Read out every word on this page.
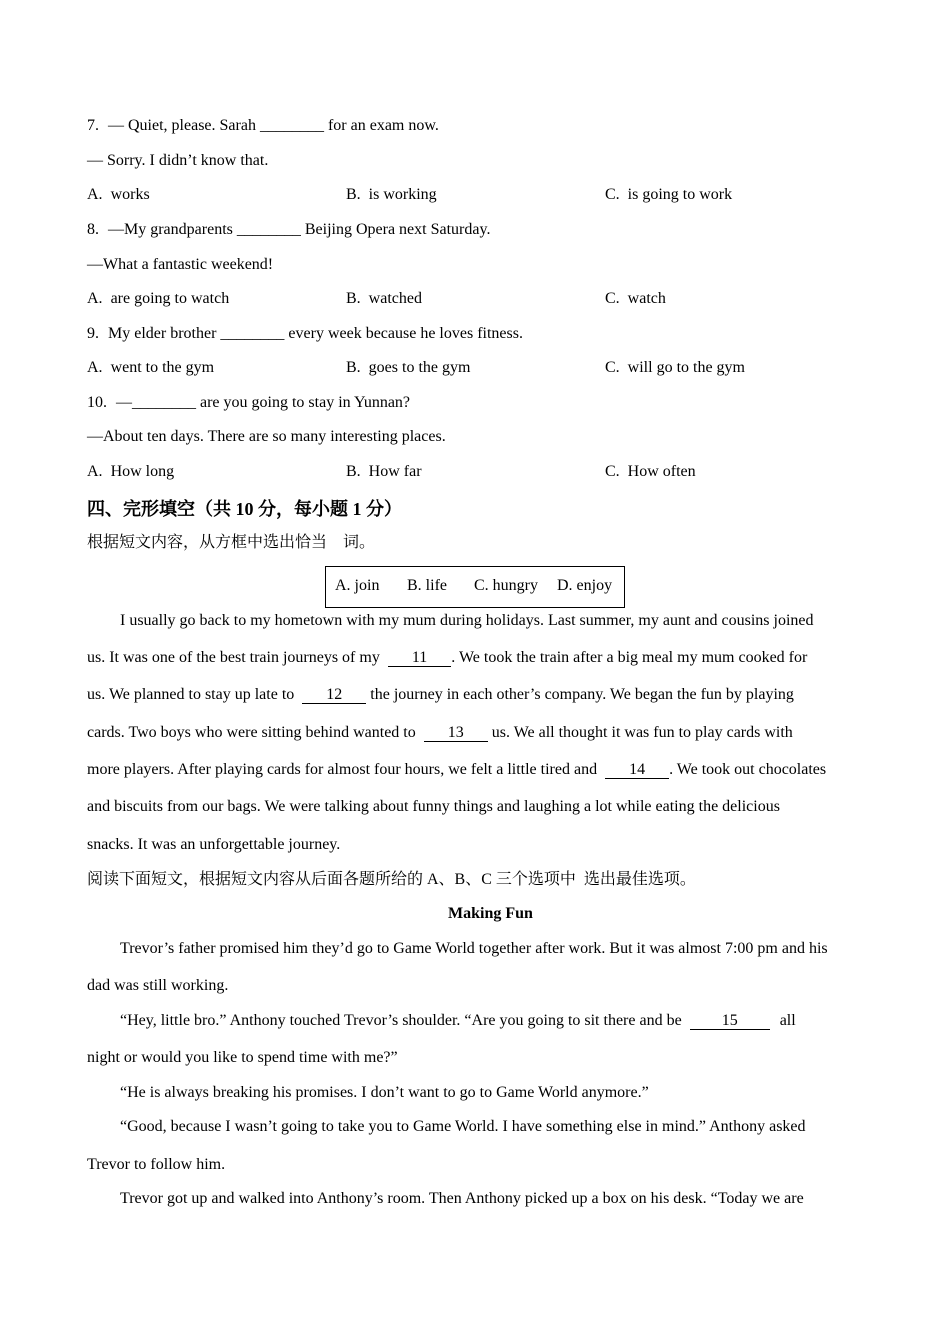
7. — Quiet, please. Sarah ________ for an exam now.
— Sorry. I didn’t know that.
A. works	B. is working	C. is going to work
8. —My grandparents ________ Beijing Opera next Saturday.
—What a fantastic weekend!
A. are going to watch	B. watched	C. watch
9. My elder brother ________ every week because he loves fitness.
A. went to the gym	B. goes to the gym	C. will go to the gym
10. —________ are you going to stay in Yunnan?
—About ten days. There are so many interesting places.
A. How long	B. How far	C. How often
四、完形填空（共 10 分，每小题 1 分）
根据短文内容，从方框中选出恰当    词。
A. join B. life C. hungry D. enjoy
I usually go back to my hometown with my mum during holidays. Last summer, my aunt and cousins joined
us. It was one of the best train journeys of my 11 . We took the train after a big meal my mum cooked for
us. We planned to stay up late to 12 the journey in each other’s company. We began the fun by playing
cards. Two boys who were sitting behind wanted to 13 us. We all thought it was fun to play cards with
more players. After playing cards for almost four hours, we felt a little tired and 14 . We took out chocolates
and biscuits from our bags. We were talking about funny things and laughing a lot while eating the delicious
snacks. It was an unforgettable journey.
阅读下面短文，根据短文内容从后面各题所给的 A、B、C 三个选项中  选出最佳选项。
Making Fun
Trevor’s father promised him they’d go to Game World together after work. But it was almost 7:00 pm and his
dad was still working.
“Hey, little bro.” Anthony touched Trevor’s shoulder. “Are you going to sit there and be 15 all
night or would you like to spend time with me?”
“He is always breaking his promises. I don’t want to go to Game World anymore.”
“Good, because I wasn’t going to take you to Game World. I have something else in mind.” Anthony asked
Trevor to follow him.
Trevor got up and walked into Anthony’s room. Then Anthony picked up a box on his desk. “Today we are
